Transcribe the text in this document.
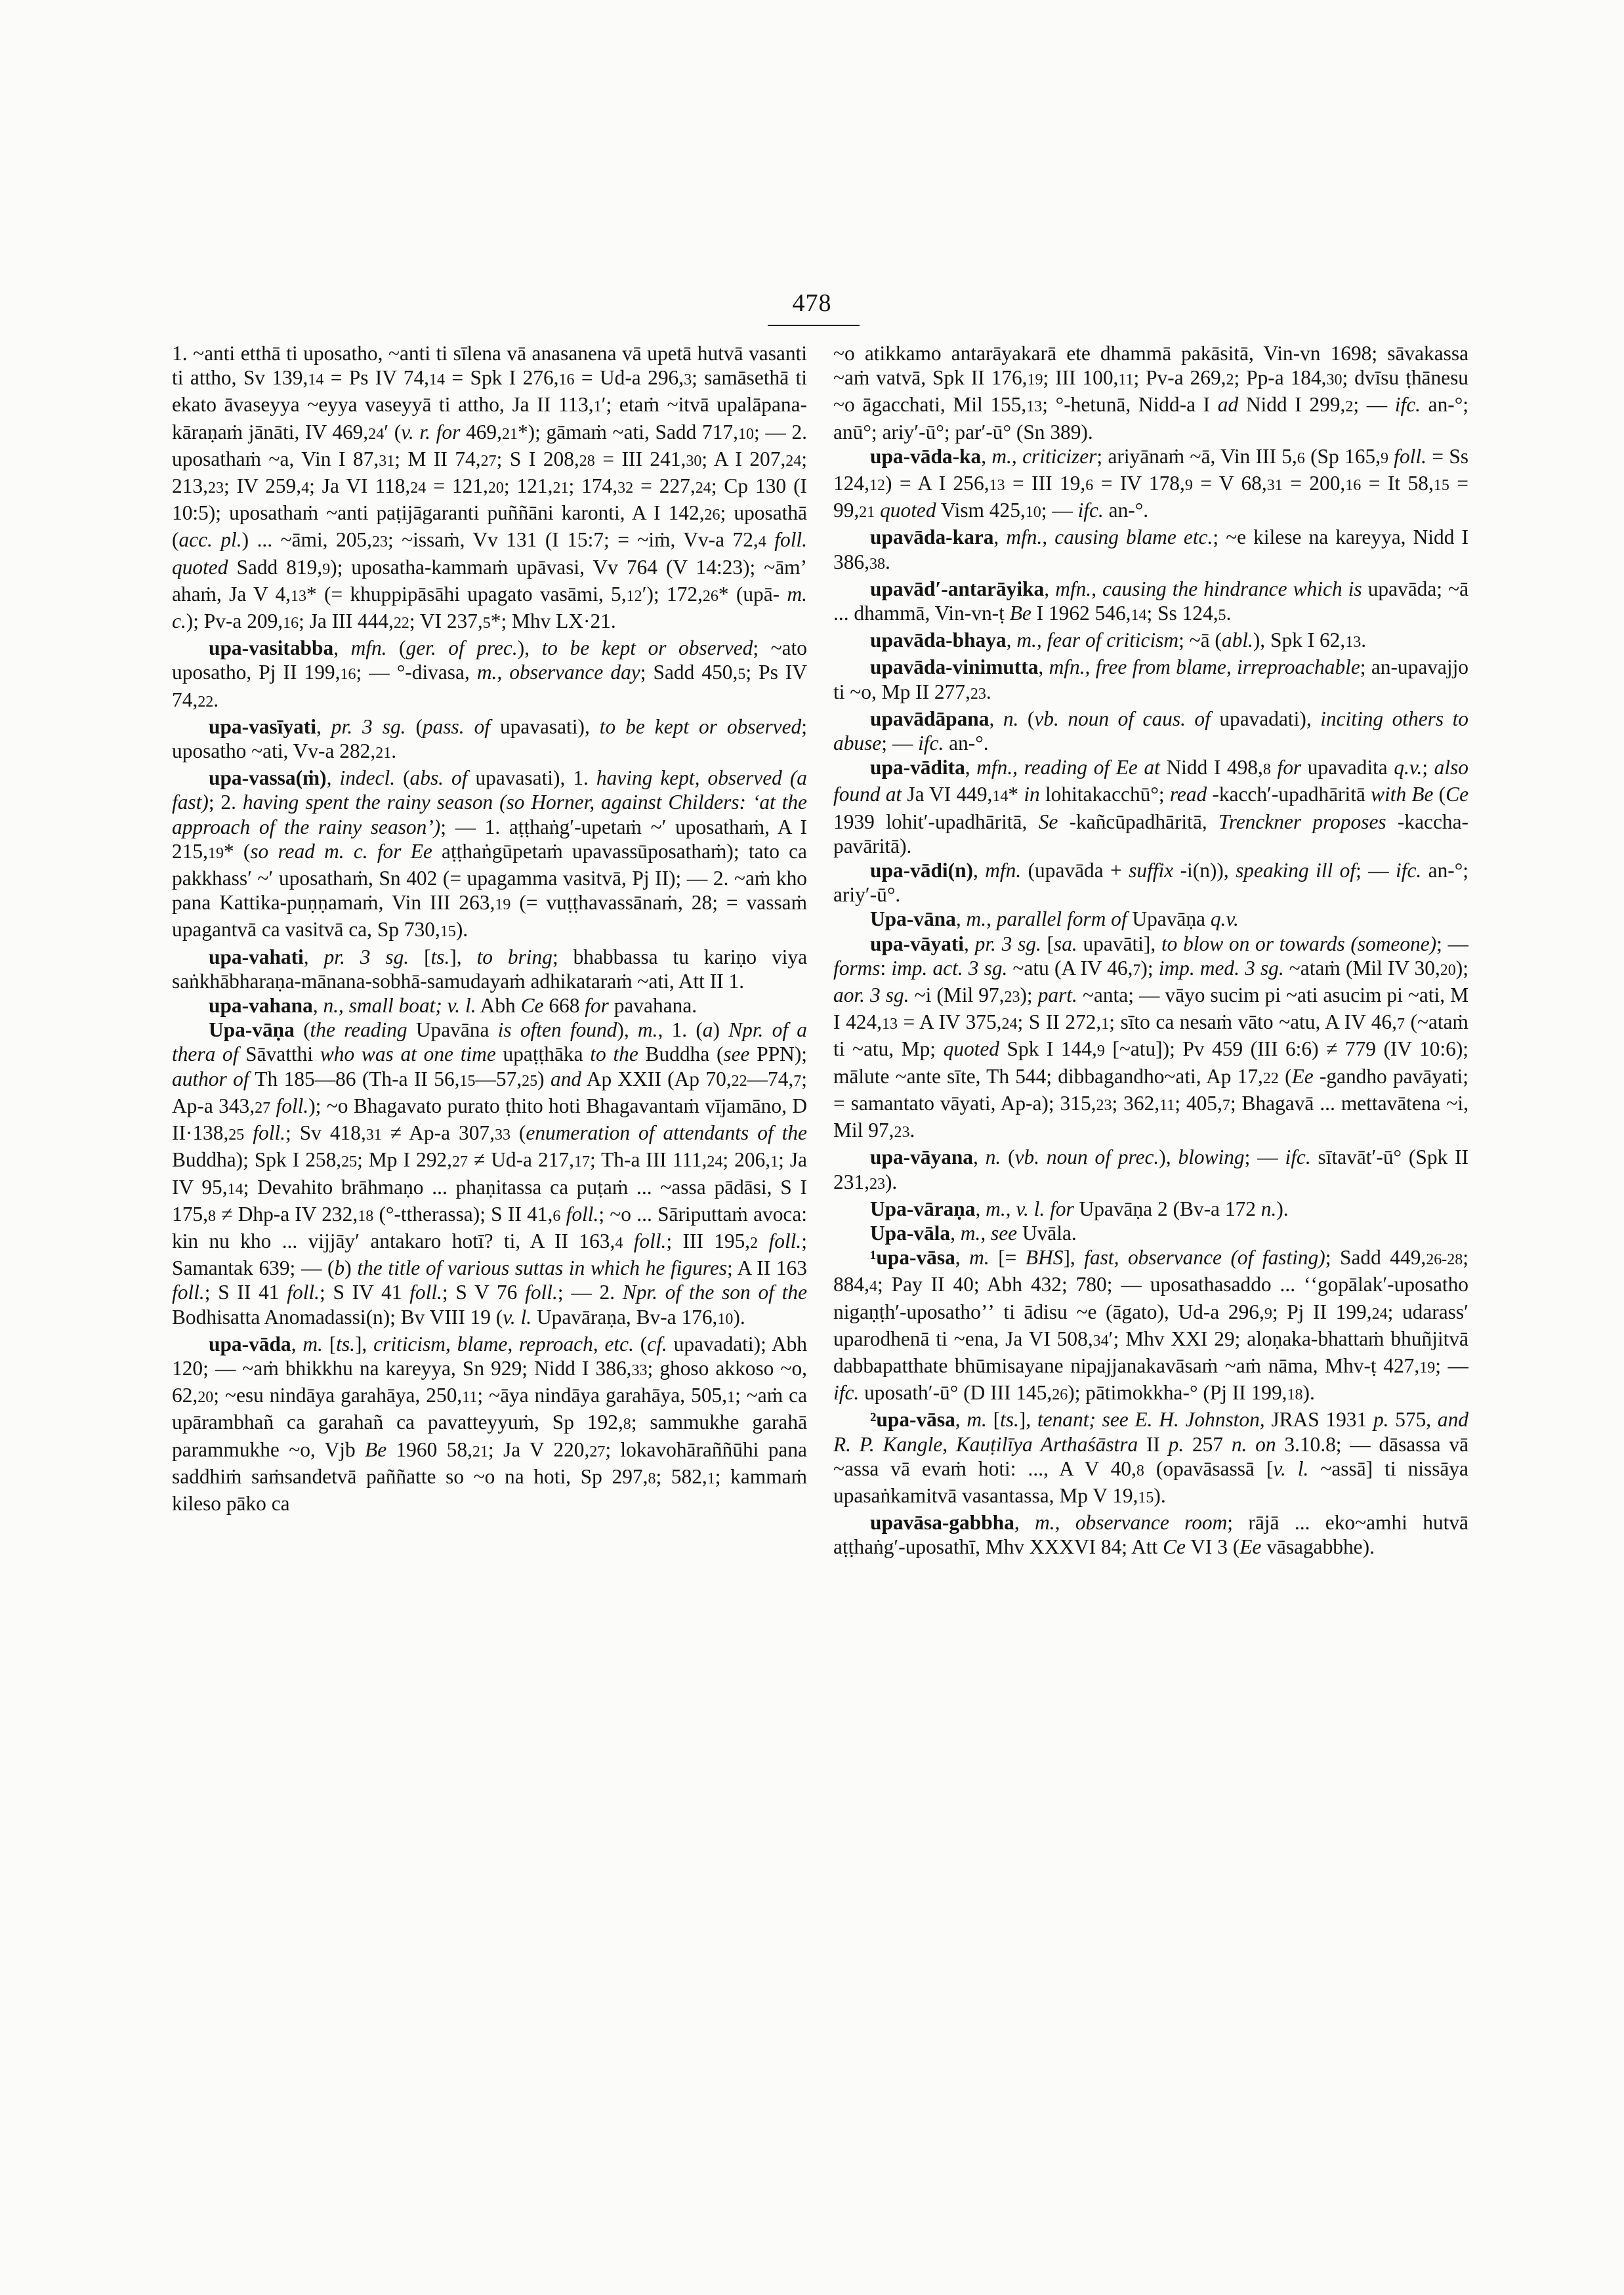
478

1. ~anti etthā ti uposatho, ~anti ti sīlena vā anasanena vā upetā hutvā vasanti ti attho, Sv 139,14 = Ps IV 74,14 = Spk I 276,16 = Ud-a 296,3; samāsethā ti ekato āvaseyya ~eyya vaseyyā ti attho, Ja II 113,1′; etaṁ ~itvā upalāpana-kāraṇaṁ jānāti, IV 469,24′ (v. r. for 469,21*); gāmaṁ ~ati, Sadd 717,10; — 2. uposathaṁ ~a, Vin I 87,31; M II 74,27; S I 208,28 = III 241,30; A I 207,24; 213,23; IV 259,4; Ja VI 118,24 = 121,20; 121,21; 174,32 = 227,24; Cp 130 (I 10:5); uposathaṁ ~anti paṭijāgaranti puññāni karonti, A I 142,26; uposathā (acc. pl.) ... ~āmi, 205,23; ~issaṁ, Vv 131 (I 15:7; = ~iṁ, Vv-a 72,4 foll. quoted Sadd 819,9); uposatha-kammaṁ upāvasi, Vv 764 (V 14:23); ~āmʼ ahaṁ, Ja V 4,13* (= khuppipāsāhi upagato vasāmi, 5,12′); 172,26* (upā- m. c.); Pv-a 209,16; Ja III 444,22; VI 237,5*; Mhv LX·21.

upa-vasitabba, mfn. (ger. of prec.), to be kept or observed; ~ato uposatho, Pj II 199,16; — °-divasa, m., observance day; Sadd 450,5; Ps IV 74,22.

upa-vasīyati, pr. 3 sg. (pass. of upavasati), to be kept or observed; uposatho ~ati, Vv-a 282,21.

upa-vassa(ṁ), indecl. (abs. of upavasati), 1. having kept, observed (a fast); 2. having spent the rainy season (so Horner, against Childers: ʻat the approach of the rainy seasonʼ); — 1. aṭṭhaṅg′-upetaṁ ~′ uposathaṁ, A I 215,19* (so read m. c. for Ee aṭṭhaṅgūpetaṁ upavassūposathaṁ); tato ca pakkhass′ ~′ uposathaṁ, Sn 402 (= upagamma vasitvā, Pj II); — 2. ~aṁ kho pana Kattika-puṇṇamaṁ, Vin III 263,19 (= vuṭṭhavassānaṁ, 28; = vassaṁ upagantvā ca vasitvā ca, Sp 730,15).

upa-vahati, pr. 3 sg. [ts.], to bring; bhabbassa tu kariṇo viya saṅkhābharaṇa-mānana-sobhā-samudayaṁ adhikataraṁ ~ati, Att II 1.

upa-vahana, n., small boat; v. l. Abh Ce 668 for pavahana.

Upa-vāṇa (the reading Upavāna is often found), m., 1. (a) Npr. of a thera of Sāvatthi who was at one time upaṭṭhāka to the Buddha (see PPN); author of Th 185—86 (Th-a II 56,15—57,25) and Ap XXII (Ap 70,22—74,7; Ap-a 343,27 foll.); ~o Bhagavato purato ṭhito hoti Bhagavantaṁ vījamāno, D II·138,25 foll.; Sv 418,31 ≠ Ap-a 307,33 (enumeration of attendants of the Buddha); Spk I 258,25; Mp I 292,27 ≠ Ud-a 217,17; Th-a III 111,24; 206,1; Ja IV 95,14; Devahito brāhmaṇo ... phaṇitassa ca puṭaṁ ... ~assa pādāsi, S I 175,8 ≠ Dhp-a IV 232,18 (°-ttherassa); S II 41,6 foll.; ~o ... Sāriputtaṁ avoca: kin nu kho ... vijjāy′ antakaro hotī? ti, A II 163,4 foll.; III 195,2 foll.; Samantak 639; — (b) the title of various suttas in which he figures; A II 163 foll.; S II 41 foll.; S IV 41 foll.; S V 76 foll.; — 2. Npr. of the son of the Bodhisatta Anomadassi(n); Bv VIII 19 (v. l. Upavāraṇa, Bv-a 176,10).

upa-vāda, m. [ts.], criticism, blame, reproach, etc. (cf. upavadati); Abh 120; — ~aṁ bhikkhu na kareyya, Sn 929; Nidd I 386,33; ghoso akkoso ~o, 62,20; ~esu nindāya garahāya, 250,11; ~āya nindāya garahāya, 505,1; ~aṁ ca upārambhañ ca garahañ ca pavatteyyuṁ, Sp 192,8; sammukhe garahā parammukhe ~o, Vjb Be 1960 58,21; Ja V 220,27; lokavohāraññūhi pana saddhiṁ saṁsandetvā paññatte so ~o na hoti, Sp 297,8; 582,1; kammaṁ kileso pāko ca

~o atikkamo antarāyakarā ete dhammā pakāsitā, Vin-vn 1698; sāvakassa ~aṁ vatvā, Spk II 176,19; III 100,11; Pv-a 269,2; Pp-a 184,30; dvīsu ṭhānesu ~o āgacchati, Mil 155,13; °-hetunā, Nidd-a I ad Nidd I 299,2; — ifc. an-°; anū°; ariy′-ū°; par′-ū° (Sn 389).

upa-vāda-ka, m., criticizer; ariyānaṁ ~ā, Vin III 5,6 (Sp 165,9 foll. = Ss 124,12) = A I 256,13 = III 19,6 = IV 178,9 = V 68,31 = 200,16 = It 58,15 = 99,21 quoted Vism 425,10; — ifc. an-°.

upavāda-kara, mfn., causing blame etc.; ~e kilese na kareyya, Nidd I 386,38.

upavād′-antarāyika, mfn., causing the hindrance which is upavāda; ~ā ... dhammā, Vin-vn-ṭ Be I 1962 546,14; Ss 124,5.

upavāda-bhaya, m., fear of criticism; ~ā (abl.), Spk I 62,13.

upavāda-vinimutta, mfn., free from blame, irreproachable; an-upavajjo ti ~o, Mp II 277,23.

upavādāpana, n. (vb. noun of caus. of upavadati), inciting others to abuse; — ifc. an-°.

upa-vādita, mfn., reading of Ee at Nidd I 498,8 for upavadita q.v.; also found at Ja VI 449,14* in lohitakacchū°; read -kacch′-upadhāritā with Be (Ce 1939 lohit′-upadhāritā, Se -kañcūpadhāritā, Trenckner proposes -kaccha-pavāritā).

upa-vādi(n), mfn. (upavāda + suffix -i(n)), speaking ill of; — ifc. an-°; ariy′-ū°.

Upa-vāna, m., parallel form of Upavāṇa q.v.

upa-vāyati, pr. 3 sg. [sa. upavāti], to blow on or towards (someone); — forms: imp. act. 3 sg. ~atu (A IV 46,7); imp. med. 3 sg. ~ataṁ (Mil IV 30,20); aor. 3 sg. ~i (Mil 97,23); part. ~anta; — vāyo sucim pi ~ati asucim pi ~ati, M I 424,13 = A IV 375,24; S II 272,1; sīto ca nesaṁ vāto ~atu, A IV 46,7 (~ataṁ ti ~atu, Mp; quoted Spk I 144,9 [~atu]); Pv 459 (III 6:6) ≠ 779 (IV 10:6); mālute ~ante sīte, Th 544; dibbagandho~ati, Ap 17,22 (Ee -gandho pavāyati; = samantato vāyati, Ap-a); 315,23; 362,11; 405,7; Bhagavā ... mettavātena ~i, Mil 97,23.

upa-vāyana, n. (vb. noun of prec.), blowing; — ifc. sītavāt′-ū° (Spk II 231,23).

Upa-vāraṇa, m., v. l. for Upavāṇa 2 (Bv-a 172 n.).

Upa-vāla, m., see Uvāla.

¹upa-vāsa, m. [= BHS], fast, observance (of fasting); Sadd 449,26-28; 884,4; Pay II 40; Abh 432; 780; — uposathasaddo ... ʻʻgopālak′-uposatho nigaṇṭh′-uposathoʼʼ ti ādisu ~e (āgato), Ud-a 296,9; Pj II 199,24; udarass′ uparodhenā ti ~ena, Ja VI 508,34′; Mhv XXI 29; aloṇaka-bhattaṁ bhuñjitvā dabbapatthate bhūmisayane nipajjanakavāsaṁ ~aṁ nāma, Mhv-ṭ 427,19; — ifc. uposath′-ū° (D III 145,26); pātimokkha-° (Pj II 199,18).

²upa-vāsa, m. [ts.], tenant; see E. H. Johnston, JRAS 1931 p. 575, and R. P. Kangle, Kauṭilīya Arthaśāstra II p. 257 n. on 3.10.8; — dāsassa vā ~assa vā evaṁ hoti: ..., A V 40,8 (opavāsassā [v. l. ~assā] ti nissāya upasaṅkamitvā vasantassa, Mp V 19,15).

upavāsa-gabbha, m., observance room; rājā ... eko~amhi hutvā aṭṭhaṅg′-uposathī, Mhv XXXVI 84; Att Ce VI 3 (Ee vāsagabbhe).
